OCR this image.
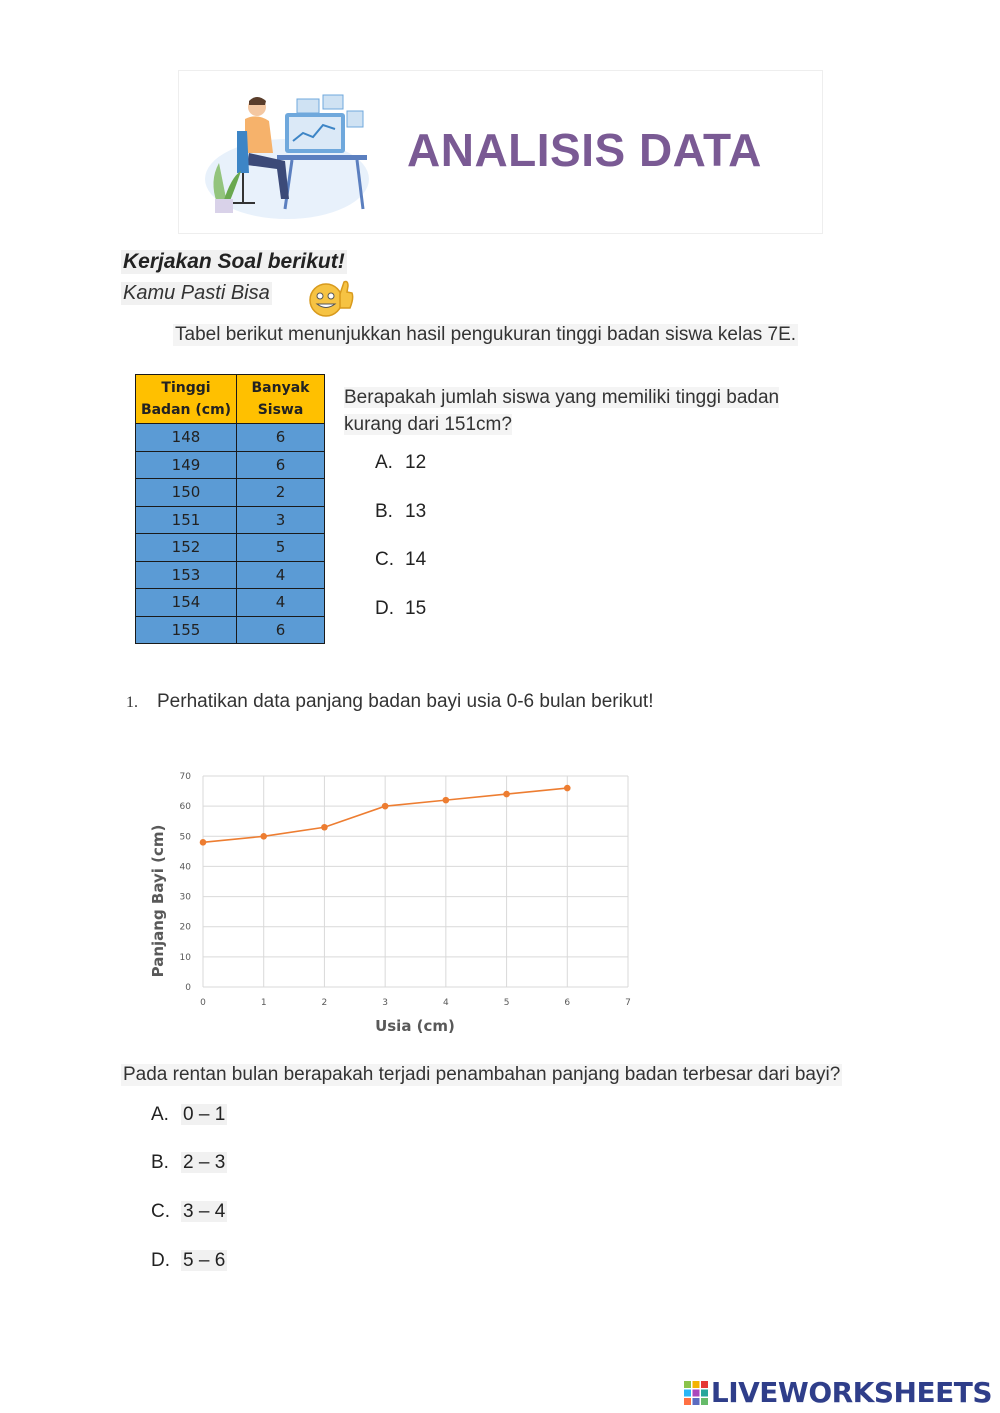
ANALISIS DATA
Kerjakan Soal berikut!
Kamu Pasti Bisa
Tabel berikut menunjukkan hasil pengukuran tinggi badan siswa kelas 7E.
Tinggi Badan (cm)	Banyak Siswa
148	6
149	6
150	2
151	3
152	5
153	4
154	4
155	6
Berapakah jumlah siswa yang memiliki tinggi badan kurang dari 151cm?
A. 12
B. 13
C. 14
D. 15
1. Perhatikan data panjang badan bayi usia 0-6 bulan berikut!
0
10
20
30
40
50
60
70
0	1	2	3	4	5	6	7
Panjang Bayi (cm)
Usia (cm)
Pada rentan bulan berapakah terjadi penambahan panjang badan terbesar dari bayi?
A. 0 – 1
B. 2 – 3
C. 3 – 4
D. 5 – 6
LIVEWORKSHEETS
